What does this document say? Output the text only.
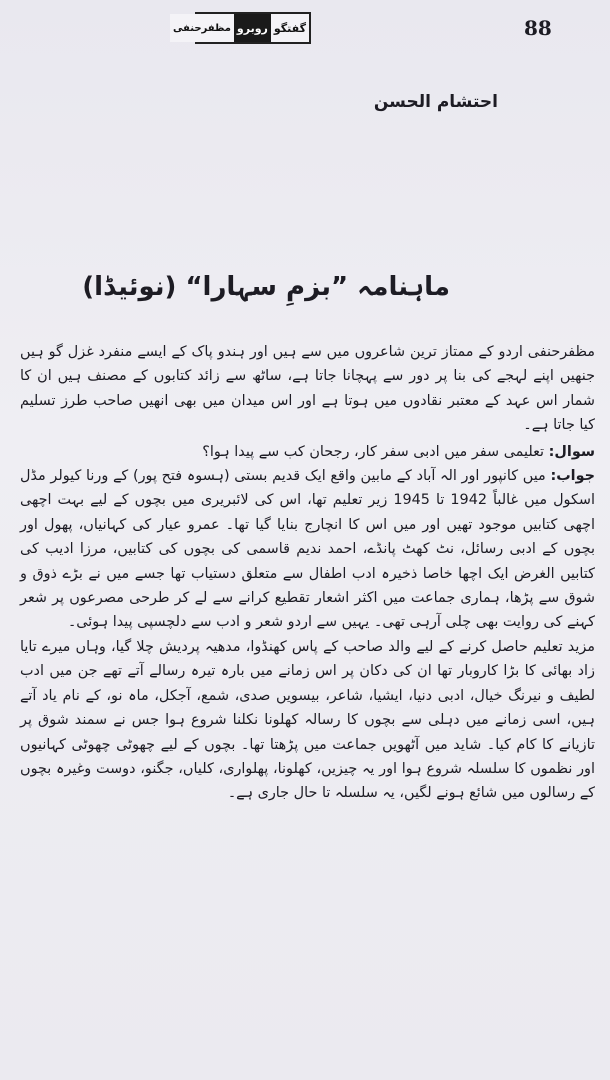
88
گفتگو
روبرو
مظفرحنفی
احتشام الحسن
ماہنامہ ”بزمِ سہارا“ (نوئیڈا)

مظفرحنفی اردو کے ممتاز ترین شاعروں میں سے ہیں اور ہندو پاک کے ایسے منفرد غزل گو ہیں جنھیں اپنے لہجے کی بنا پر دور سے پہچانا جاتا ہے، ساٹھ سے زائد کتابوں کے مصنف ہیں ان کا شمار اس عہد کے معتبر نقادوں میں ہوتا ہے اور اس میدان میں بھی انھیں صاحب طرز تسلیم کیا جاتا ہے۔

سوال: تعلیمی سفر میں ادبی سفر کار، رجحان کب سے پیدا ہوا؟

جواب: میں کانپور اور الہ آباد کے مابین واقع ایک قدیم بستی (ہسوہ فتح پور) کے ورنا کیولر مڈل اسکول میں غالباً 1942 تا 1945 زیر تعلیم تھا، اس کی لائبریری میں بچوں کے لیے بہت اچھی اچھی کتابیں موجود تھیں اور میں اس کا انچارج بنایا گیا تھا۔ عمرو عیار کی کہانیاں، پھول اور بچوں کے ادبی رسائل، نٹ کھٹ پانڈے، احمد ندیم قاسمی کی بچوں کی کتابیں، مرزا ادیب کی کتابیں الغرض ایک اچھا خاصا ذخیرہ ادب اطفال سے متعلق دستیاب تھا جسے میں نے بڑے ذوق و شوق سے پڑھا، ہماری جماعت میں اکثر اشعار تقطیع کرانے سے لے کر طرحی مصرعوں پر شعر کہنے کی روایت بھی چلی آرہی تھی۔ یہیں سے اردو شعر و ادب سے دلچسپی پیدا ہوئی۔

مزید تعلیم حاصل کرنے کے لیے والد صاحب کے پاس کھنڈوا، مدھیہ پردیش چلا گیا، وہاں میرے تایا زاد بھائی کا بڑا کاروبار تھا ان کی دکان پر اس زمانے میں بارہ تیرہ رسالے آتے تھے جن میں ادب لطیف و نیرنگ خیال، ادبی دنیا، ایشیا، شاعر، بیسویں صدی، شمع، آجکل، ماہ نو، کے نام یاد آتے ہیں، اسی زمانے میں دہلی سے بچوں کا رسالہ کھلونا نکلنا شروع ہوا جس نے سمند شوق پر تازیانے کا کام کیا۔ شاید میں آٹھویں جماعت میں پڑھتا تھا۔ بچوں کے لیے چھوٹی چھوٹی کہانیوں اور نظموں کا سلسلہ شروع ہوا اور یہ چیزیں، کھلونا، پھلواری، کلیاں، جگنو، دوست وغیرہ بچوں کے رسالوں میں شائع ہونے لگیں، یہ سلسلہ تا حال جاری ہے۔
